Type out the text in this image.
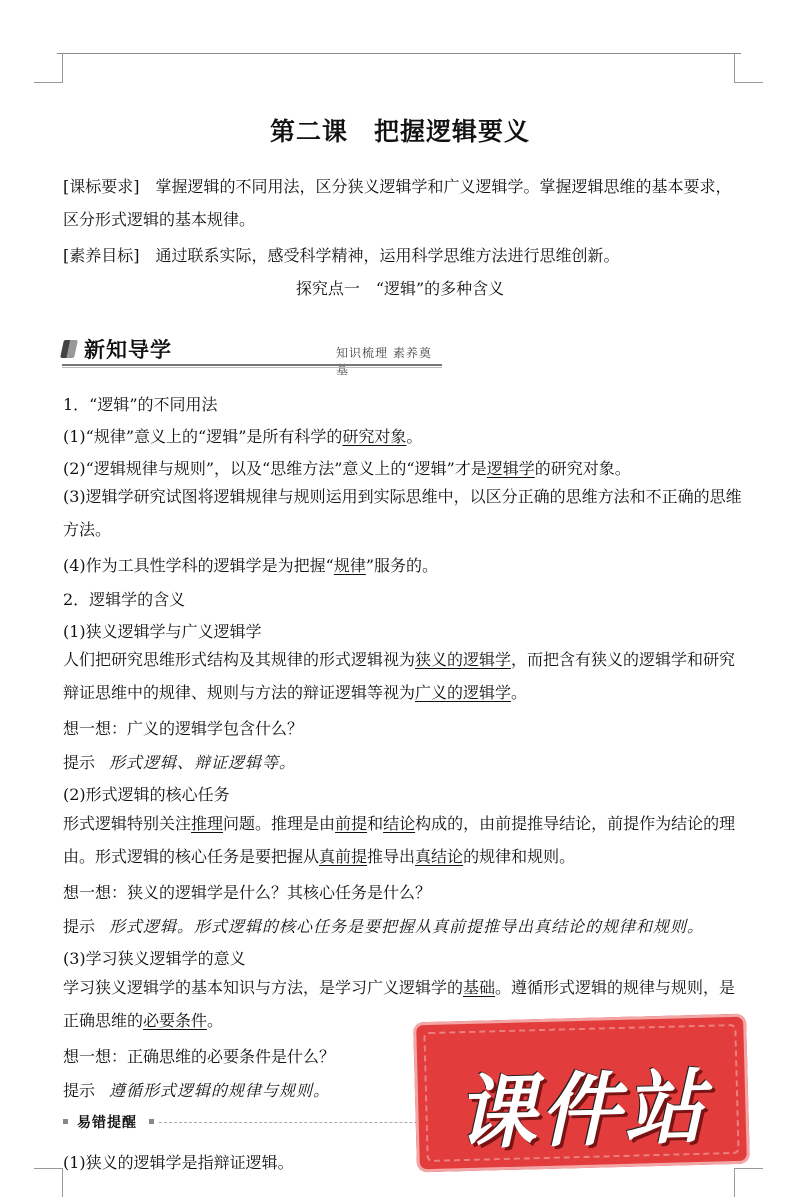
第二课　把握逻辑要义

[课标要求]　 掌握逻辑的不同用法，区分狭义逻辑学和广义逻辑学。掌握逻辑思维的基本要求，区分形式逻辑的基本规律。

[素养目标]　 通过联系实际，感受科学精神，运用科学思维方法进行思维创新。

探究点一　“逻辑”的多种含义
新知导学	知识梳理 素养奠基

1．“逻辑”的不同用法

(1)“规律”意义上的“逻辑”是所有科学的研究对象。

(2)“逻辑规律与规则”，以及“思维方法”意义上的“逻辑”才是逻辑学的研究对象。

(3)逻辑学研究试图将逻辑规律与规则运用到实际思维中，以区分正确的思维方法和不正确的思维方法。

(4)作为工具性学科的逻辑学是为把握“规律”服务的。

2．逻辑学的含义

(1)狭义逻辑学与广义逻辑学

人们把研究思维形式结构及其规律的形式逻辑视为狭义的逻辑学，而把含有狭义的逻辑学和研究辩证思维中的规律、规则与方法的辩证逻辑等视为广义的逻辑学。

想一想：广义的逻辑学包含什么？

提示 形式逻辑、辩证逻辑等。

(2)形式逻辑的核心任务

形式逻辑特别关注推理问题。推理是由前提和结论构成的，由前提推导结论，前提作为结论的理由。形式逻辑的核心任务是要把握从真前提推导出真结论的规律和规则。

想一想：狭义的逻辑学是什么？其核心任务是什么？

提示 形式逻辑。形式逻辑的核心任务是要把握从真前提推导出真结论的规律和规则。

(3)学习狭义逻辑学的意义

学习狭义逻辑学的基本知识与方法，是学习广义逻辑学的基础。遵循形式逻辑的规律与规则，是正确思维的必要条件。

想一想：正确思维的必要条件是什么？

提示 遵循形式逻辑的规律与规则。

易错提醒

(1)狭义的逻辑学是指辩证逻辑。

课件站
